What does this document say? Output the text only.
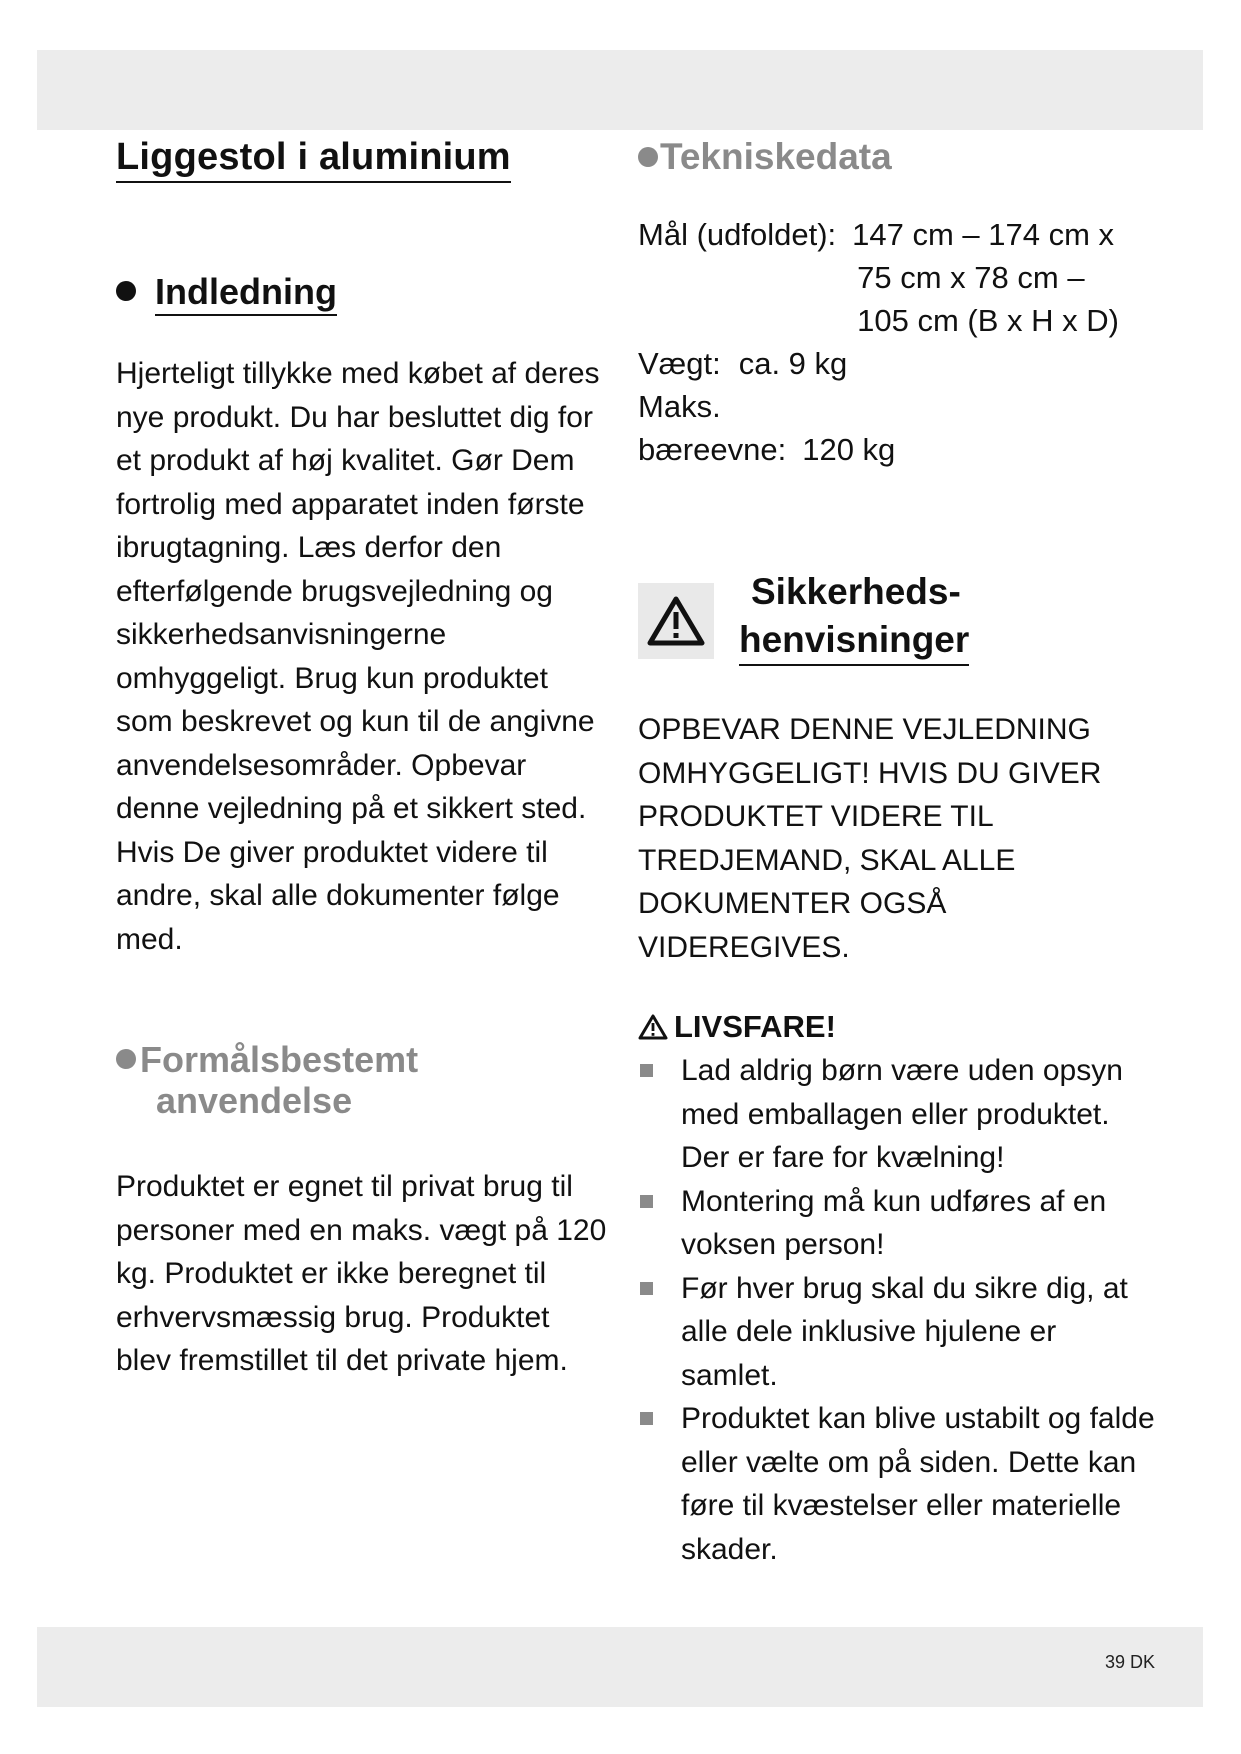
Liggestol i aluminium
Indledning

Hjerteligt tillykke med købet af deres nye produkt. Du har besluttet dig for et produkt af høj kvalitet. Gør Dem fortrolig med apparatet inden første ibrugtagning. Læs derfor den efterfølgende brugsvejledning og sikkerhedsanvisningerne omhyggeligt. Brug kun produktet som beskrevet og kun til de angivne anvendelsesområder. Opbevar denne vejledning på et sikkert sted. Hvis De giver produktet videre til andre, skal alle dokumenter følge med.

Formålsbestemt
anvendelse

Produktet er egnet til privat brug til personer med en maks. vægt på 120 kg. Produktet er ikke beregnet til erhvervsmæssig brug. Produktet blev fremstillet til det private hjem.

Tekniskedata
Mål (udfoldet): 147 cm – 174 cm x
75 cm x 78 cm –
105 cm (B x H x D)
Vægt: ca. 9 kg
Maks.
bæreevne: 120 kg
Sikkerheds-
henvisninger

OPBEVAR DENNE VEJLEDNING OMHYGGELIGT! HVIS DU GIVER PRODUKTET VIDERE TIL TREDJEMAND, SKAL ALLE DOKUMENTER OGSÅ VIDEREGIVES.

LIVSFARE!
Lad aldrig børn være uden opsyn med emballagen eller produktet. Der er fare for kvælning!
Montering må kun udføres af en voksen person!
Før hver brug skal du sikre dig, at alle dele inklusive hjulene er samlet.
Produktet kan blive ustabilt og falde eller vælte om på siden. Dette kan føre til kvæstelser eller materielle skader.
39 DK
